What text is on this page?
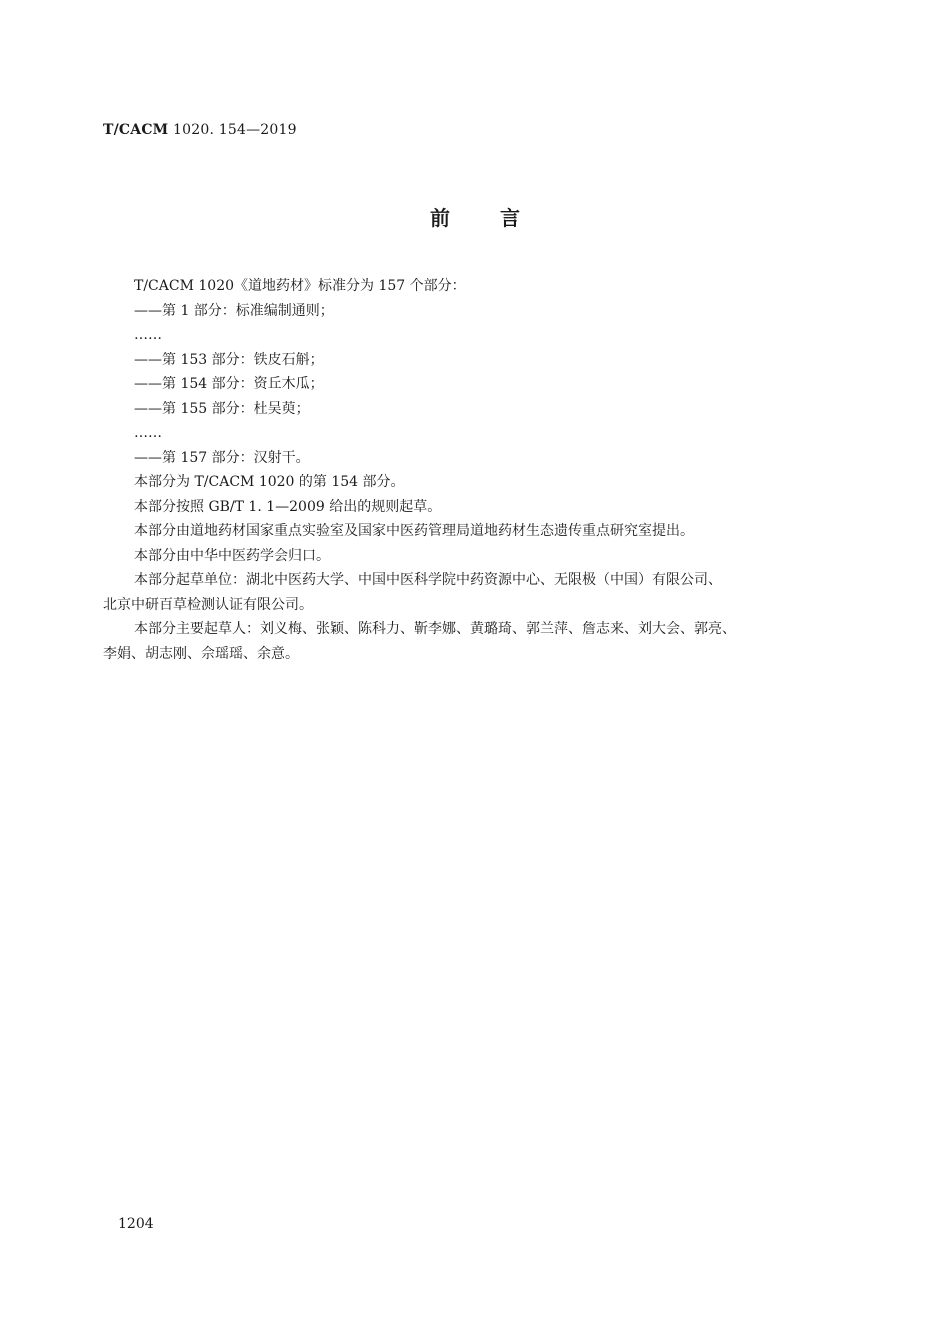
T/CACM 1020. 154—2019
前言

T/CACM 1020《道地药材》标准分为 157 个部分：

——第 1 部分：标准编制通则；

……

——第 153 部分：铁皮石斛；

——第 154 部分：资丘木瓜；

——第 155 部分：杜吴萸；

……

——第 157 部分：汉射干。

本部分为 T/CACM 1020 的第 154 部分。

本部分按照 GB/T 1. 1—2009 给出的规则起草。

本部分由道地药材国家重点实验室及国家中医药管理局道地药材生态遗传重点研究室提出。

本部分由中华中医药学会归口。

本部分起草单位：湖北中医药大学、中国中医科学院中药资源中心、无限极（中国）有限公司、

北京中研百草检测认证有限公司。

本部分主要起草人：刘义梅、张颖、陈科力、靳李娜、黄璐琦、郭兰萍、詹志来、刘大会、郭亮、

李娟、胡志刚、佘瑶瑶、余意。

1204
